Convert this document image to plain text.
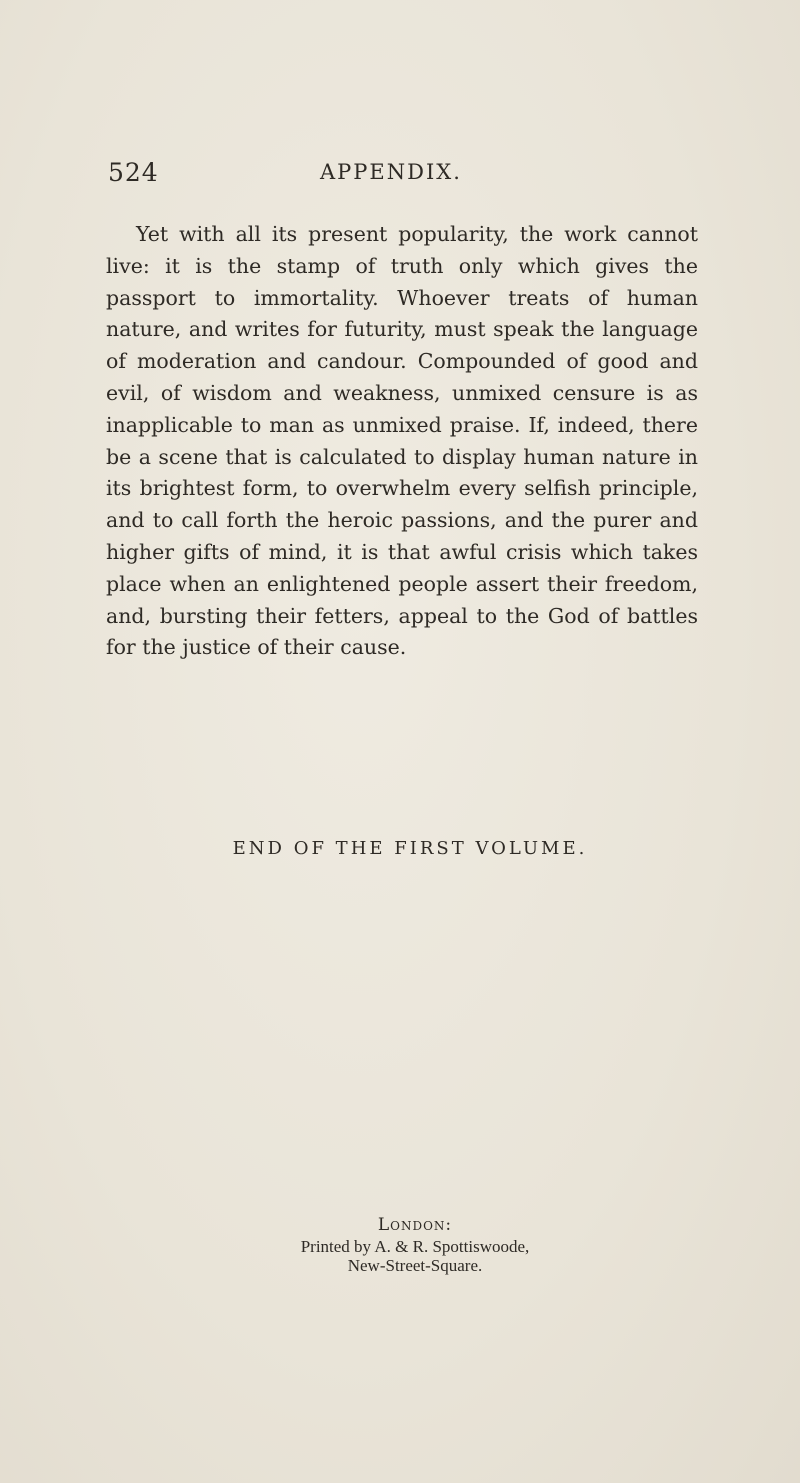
524	APPENDIX.

Yet with all its present popularity, the work cannot live: it is the stamp of truth only which gives the passport to immortality. Whoever treats of human nature, and writes for futurity, must speak the language of moderation and candour. Compounded of good and evil, of wisdom and weakness, unmixed censure is as inapplicable to man as unmixed praise. If, indeed, there be a scene that is calculated to display human nature in its brightest form, to overwhelm every selfish principle, and to call forth the heroic passions, and the purer and higher gifts of mind, it is that awful crisis which takes place when an enlightened people assert their freedom, and, bursting their fetters, appeal to the God of battles for the justice of their cause.

END OF THE FIRST VOLUME.
London:
Printed by A. & R. Spottiswoode,
New-Street-Square.
